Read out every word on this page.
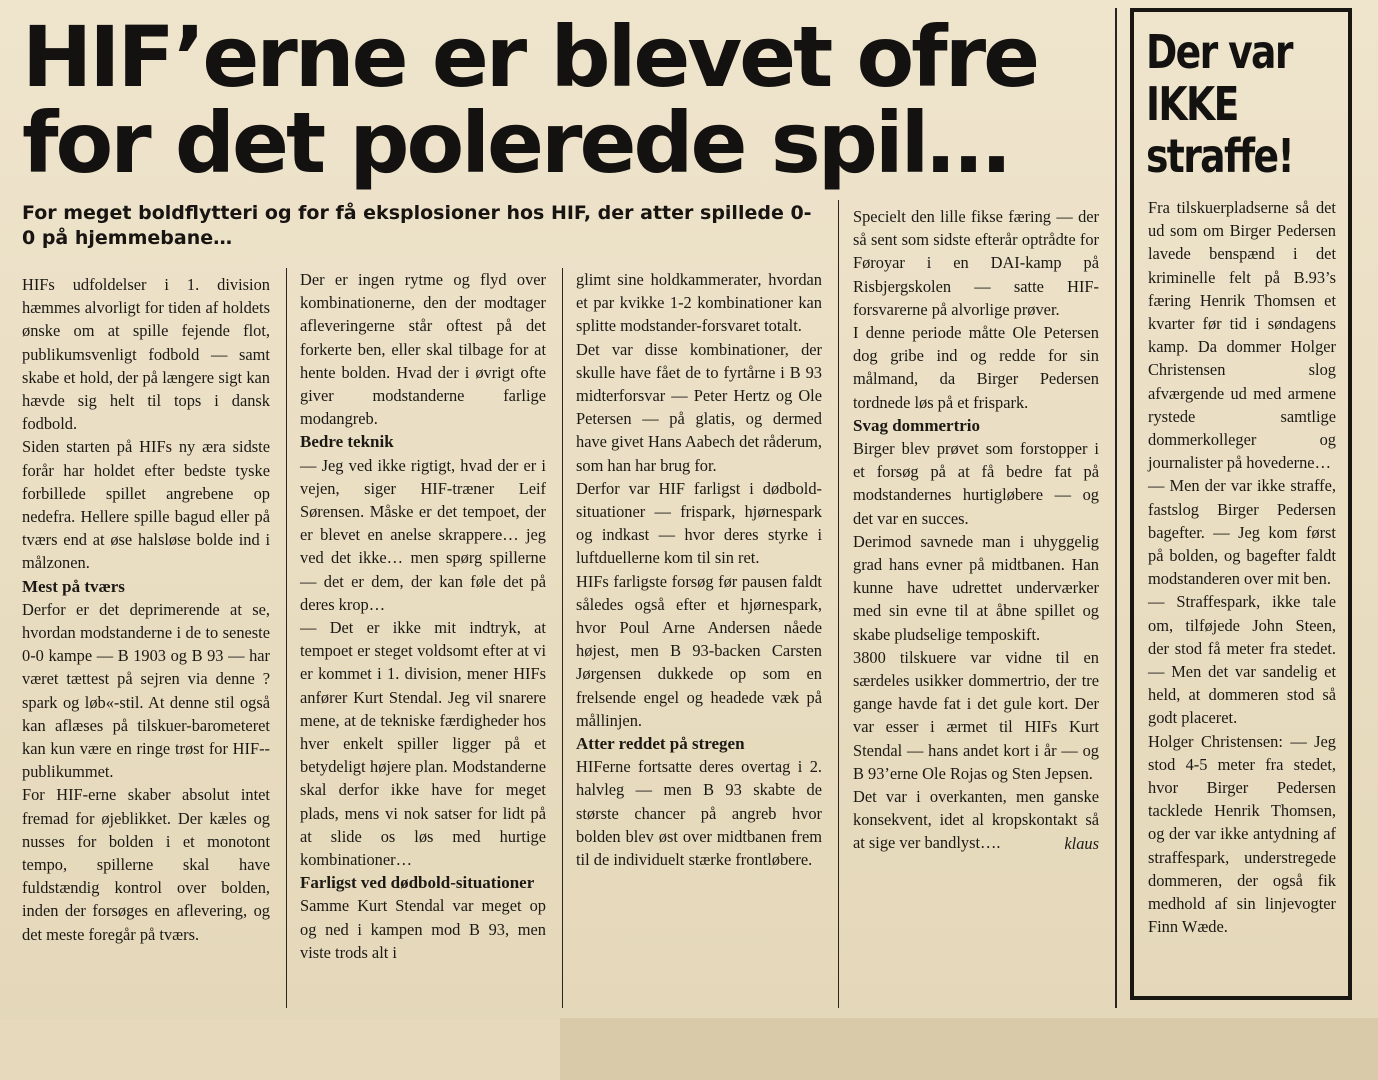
HIF’erne er blevet ofre for det polerede spil…
For meget boldflytteri og for få eksplosioner hos HIF, der atter spillede 0-0 på hjemmebane…

HIFs udfoldelser i 1. division hæmmes alvorligt for tiden af holdets ønske om at spille fejende flot, publikumsvenligt fodbold — samt skabe et hold, der på længere sigt kan hævde sig helt til tops i dansk fodbold.

Siden starten på HIFs ny æra sidste forår har holdet efter bedste tyske forbillede spillet angrebene op nedefra. Hellere spille bagud eller på tværs end at øse halsløse bolde ind i målzonen.

Mest på tværs

Derfor er det deprimerende at se, hvordan modstanderne i de to seneste 0-0 kampe — B 1903 og B 93 — har været tættest på sejren via denne ?spark og løb«-stil. At denne stil også kan aflæses på tilskuer-barometeret kan kun være en ringe trøst for HIF--publikummet.

For HIF-erne skaber absolut intet fremad for øjeblikket. Der kæles og nusses for bolden i et monotont tempo, spillerne skal have fuldstændig kontrol over bolden, inden der forsøges en aflevering, og det meste foregår på tværs.

Der er ingen rytme og flyd over kombinationerne, den der modtager afleveringerne står oftest på det forkerte ben, eller skal tilbage for at hente bolden. Hvad der i øvrigt ofte giver modstanderne farlige modangreb.

Bedre teknik

— Jeg ved ikke rigtigt, hvad der er i vejen, siger HIF-træner Leif Sørensen. Måske er det tempoet, der er blevet en anelse skrappere… jeg ved det ikke… men spørg spillerne — det er dem, der kan føle det på deres krop…

— Det er ikke mit indtryk, at tempoet er steget voldsomt efter at vi er kommet i 1. division, mener HIFs anfører Kurt Stendal. Jeg vil snarere mene, at de tekniske færdigheder hos hver enkelt spiller ligger på et betydeligt højere plan. Modstanderne skal derfor ikke have for meget plads, mens vi nok satser for lidt på at slide os løs med hurtige kombinationer…

Farligst ved dødbold-situationer

Samme Kurt Stendal var meget op og ned i kampen mod B 93, men viste trods alt i

glimt sine holdkammerater, hvordan et par kvikke 1-2 kombinationer kan splitte modstander-forsvaret totalt.

Det var disse kombinationer, der skulle have fået de to fyrtårne i B 93 midterforsvar — Peter Hertz og Ole Petersen — på glatis, og dermed have givet Hans Aabech det råderum, som han har brug for.

Derfor var HIF farligst i dødbold-situationer — frispark, hjørnespark og indkast — hvor deres styrke i luftduellerne kom til sin ret.

HIFs farligste forsøg før pausen faldt således også efter et hjørnespark, hvor Poul Arne Andersen nåede højest, men B 93-backen Carsten Jørgensen dukkede op som en frelsende engel og headede væk på mållinjen.

Atter reddet på stregen

HIFerne fortsatte deres overtag i 2. halvleg — men B 93 skabte de største chancer på angreb hvor bolden blev øst over midtbanen frem til de individuelt stærke frontløbere.

Specielt den lille fikse færing — der så sent som sidste efterår optrådte for Føroyar i en DAI-kamp på Risbjergskolen — satte HIF-forsvarerne på alvorlige prøver.

I denne periode måtte Ole Petersen dog gribe ind og redde for sin målmand, da Birger Pedersen tordnede løs på et frispark.

Svag dommertrio

Birger blev prøvet som forstopper i et forsøg på at få bedre fat på modstandernes hurtigløbere — og det var en succes.

Derimod savnede man i uhyggelig grad hans evner på midtbanen. Han kunne have udrettet underværker med sin evne til at åbne spillet og skabe pludselige temposkift.

3800 tilskuere var vidne til en særdeles usikker dommertrio, der tre gange havde fat i det gule kort. Der var esser i ærmet til HIFs Kurt Stendal — hans andet kort i år — og B 93’erne Ole Rojas og Sten Jepsen.

Det var i overkanten, men ganske konsekvent, idet al kropskontakt så at sige ver bandlyst….	klaus

Der var IKKE straffe!

Fra tilskuerpladserne så det ud som om Birger Pedersen lavede benspænd i det kriminelle felt på B.93’s færing Henrik Thomsen et kvarter før tid i søndagens kamp. Da dommer Holger Christensen slog afværgende ud med armene rystede samtlige dommerkolleger og journalister på hovederne…

— Men der var ikke straffe, fastslog Birger Pedersen bagefter. — Jeg kom først på bolden, og bagefter faldt modstanderen over mit ben.

— Straffespark, ikke tale om, tilføjede John Steen, der stod få meter fra stedet. — Men det var sandelig et held, at dommeren stod så godt placeret.

Holger Christensen: — Jeg stod 4-5 meter fra stedet, hvor Birger Pedersen tacklede Henrik Thomsen, og der var ikke antydning af straffespark, understregede dommeren, der også fik medhold af sin linjevogter Finn Wæde.
